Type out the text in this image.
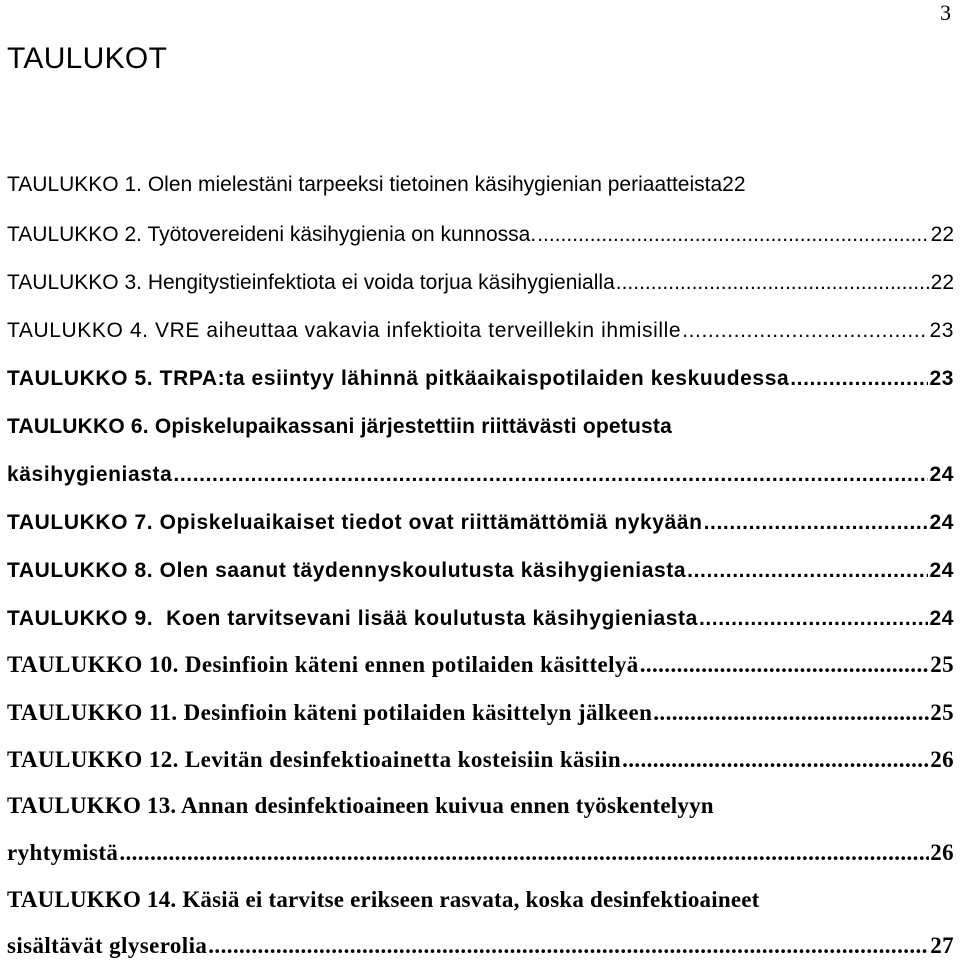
3
TAULUKOT
TAULUKKO 1. Olen mielestäni tarpeeksi tietoinen käsihygienian periaatteista 22
TAULUKKO 2. Työtovereideni käsihygienia on kunnossa. .....	22
TAULUKKO 3. Hengitystieinfektiota ei voida torjua käsihygienialla .....	22
TAULUKKO 4. VRE aiheuttaa vakavia infektioita terveillekin ihmisille .....	23
TAULUKKO 5. TRPA:ta esiintyy lähinnä pitkäaikaispotilaiden keskuudessa .....	23
TAULUKKO 6. Opiskelupaikassani järjestettiin riittävästi opetusta
käsihygieniasta .....	24
TAULUKKO 7. Opiskeluaikaiset tiedot ovat riittämättömiä nykyään .....	24
TAULUKKO 8. Olen saanut täydennyskoulutusta käsihygieniasta .....	24
TAULUKKO 9.  Koen tarvitsevani lisää koulutusta käsihygieniasta .....	24
TAULUKKO 10. Desinfioin käteni ennen potilaiden käsittelyä .....	25
TAULUKKO 11. Desinfioin käteni potilaiden käsittelyn jälkeen .....	25
TAULUKKO 12. Levitän desinfektioainetta kosteisiin käsiin .....	26
TAULUKKO 13. Annan desinfektioaineen kuivua ennen työskentelyyn
ryhtymistä .....	26
TAULUKKO 14. Käsiä ei tarvitse erikseen rasvata, koska desinfektioaineet
sisältävät glyserolia .....	27
